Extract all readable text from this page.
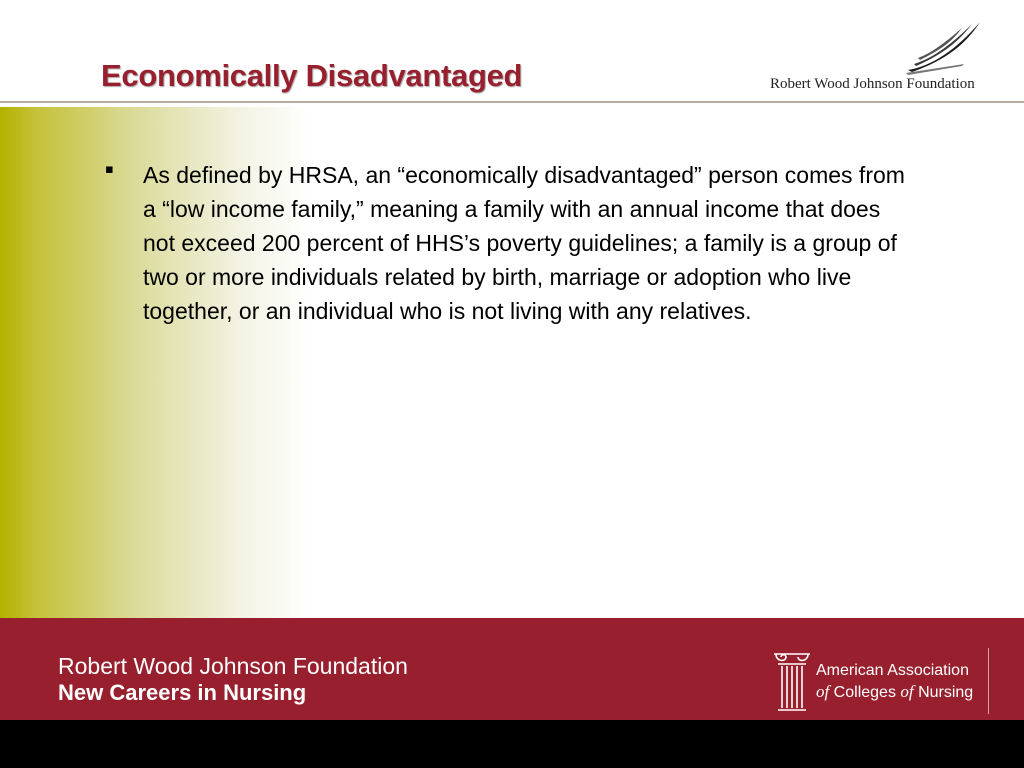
Economically Disadvantaged	Robert Wood Johnson Foundation
▪ As defined by HRSA, an “economically disadvantaged” person comes from a “low income family,” meaning a family with an annual income that does not exceed 200 percent of HHS’s poverty guidelines; a family is a group of two or more individuals related by birth, marriage or adoption who live together, or an individual who is not living with any relatives.

Robert Wood Johnson Foundation

New Careers in Nursing

American Association
of Colleges of Nursing
